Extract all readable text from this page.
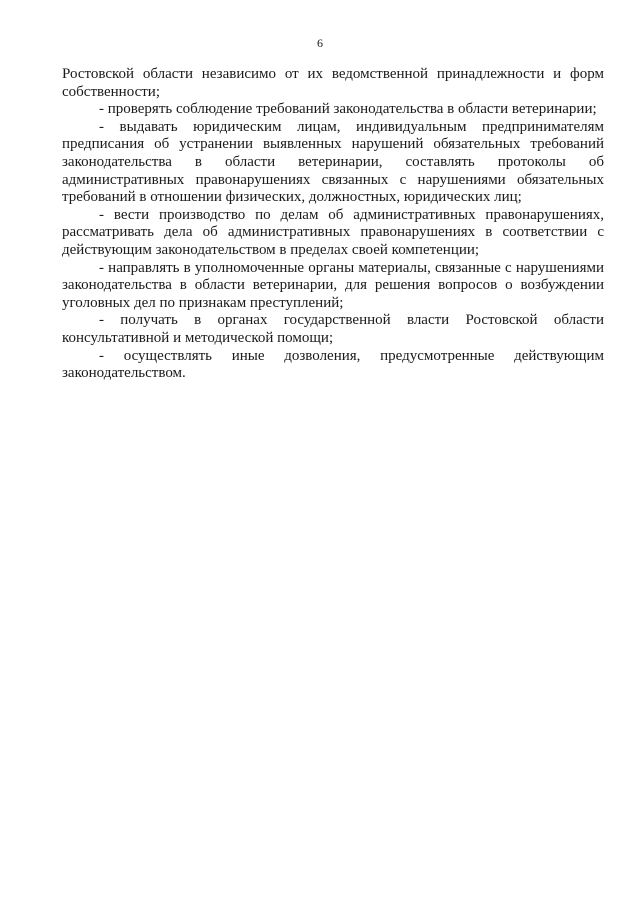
6

Ростовской области независимо от их ведомственной принадлежности и форм собственности;

- проверять соблюдение требований законодательства в области ветеринарии;

- выдавать юридическим лицам, индивидуальным предпринимателям предписания об устранении выявленных нарушений обязательных требований законодательства в области ветеринарии, составлять протоколы об административных правонарушениях связанных с нарушениями обязательных требований в отношении физических, должностных, юридических лиц;

- вести производство по делам об административных правонарушениях, рассматривать дела об административных правонарушениях в соответствии с действующим законодательством в пределах своей компетенции;

- направлять в уполномоченные органы материалы, связанные с нарушениями законодательства в области ветеринарии, для решения вопросов о возбуждении уголовных дел по признакам преступлений;

- получать в органах государственной власти Ростовской области консультативной и методической помощи;

- осуществлять иные дозволения, предусмотренные действующим законодательством.
